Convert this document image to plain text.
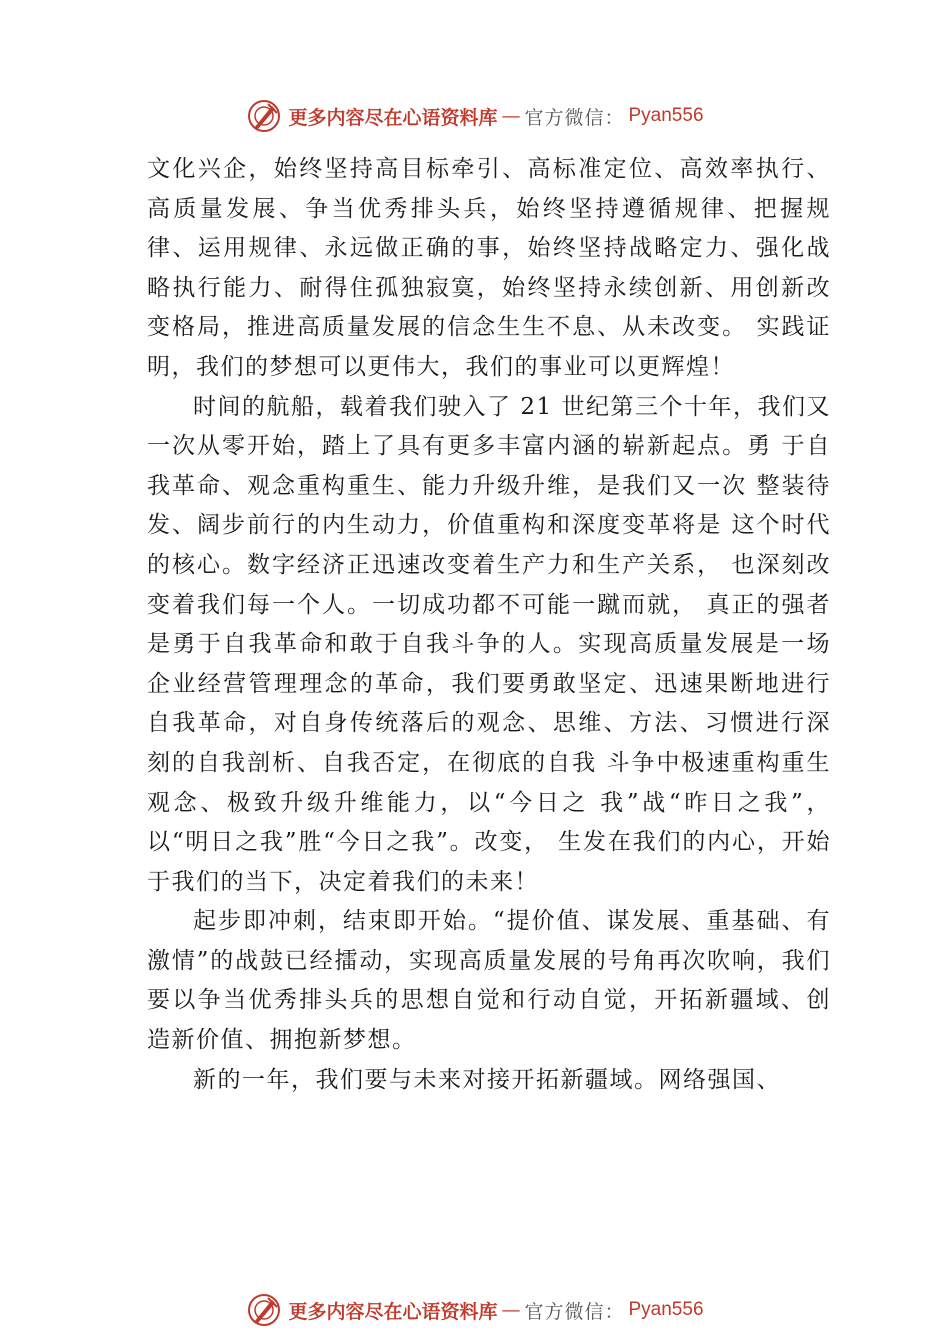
更多内容尽在心语资料库 — 官方微信： Pyan556

文化兴企，始终坚持高目标牵引、高标准定位、高效率执行、高质量发展、争当优秀排头兵，始终坚持遵循规律、把握规律、运用规律、永远做正确的事，始终坚持战略定力、强化战略执行能力、耐得住孤独寂寞，始终坚持永续创新、用创新改变格局，推进高质量发展的信念生生不息、从未改变。 实践证明，我们的梦想可以更伟大，我们的事业可以更辉煌！

时间的航船，载着我们驶入了 21 世纪第三个十年，我们又一次从零开始，踏上了具有更多丰富内涵的崭新起点。勇 于自我革命、观念重构重生、能力升级升维，是我们又一次 整装待发、阔步前行的内生动力，价值重构和深度变革将是 这个时代的核心。数字经济正迅速改变着生产力和生产关系， 也深刻改变着我们每一个人。一切成功都不可能一蹴而就， 真正的强者是勇于自我革命和敢于自我斗争的人。实现高质量发展是一场企业经营管理理念的革命，我们要勇敢坚定、迅速果断地进行自我革命，对自身传统落后的观念、思维、方法、习惯进行深刻的自我剖析、自我否定，在彻底的自我 斗争中极速重构重生观念、极致升级升维能力，以“今日之 我”战“昨日之我”，以“明日之我”胜“今日之我”。改变， 生发在我们的内心，开始于我们的当下，决定着我们的未来！

起步即冲刺，结束即开始。“提价值、谋发展、重基础、有激情”的战鼓已经擂动，实现高质量发展的号角再次吹响，我们要以争当优秀排头兵的思想自觉和行动自觉，开拓新疆域、创造新价值、拥抱新梦想。

新的一年，我们要与未来对接开拓新疆域。网络强国、

更多内容尽在心语资料库 — 官方微信： Pyan556
